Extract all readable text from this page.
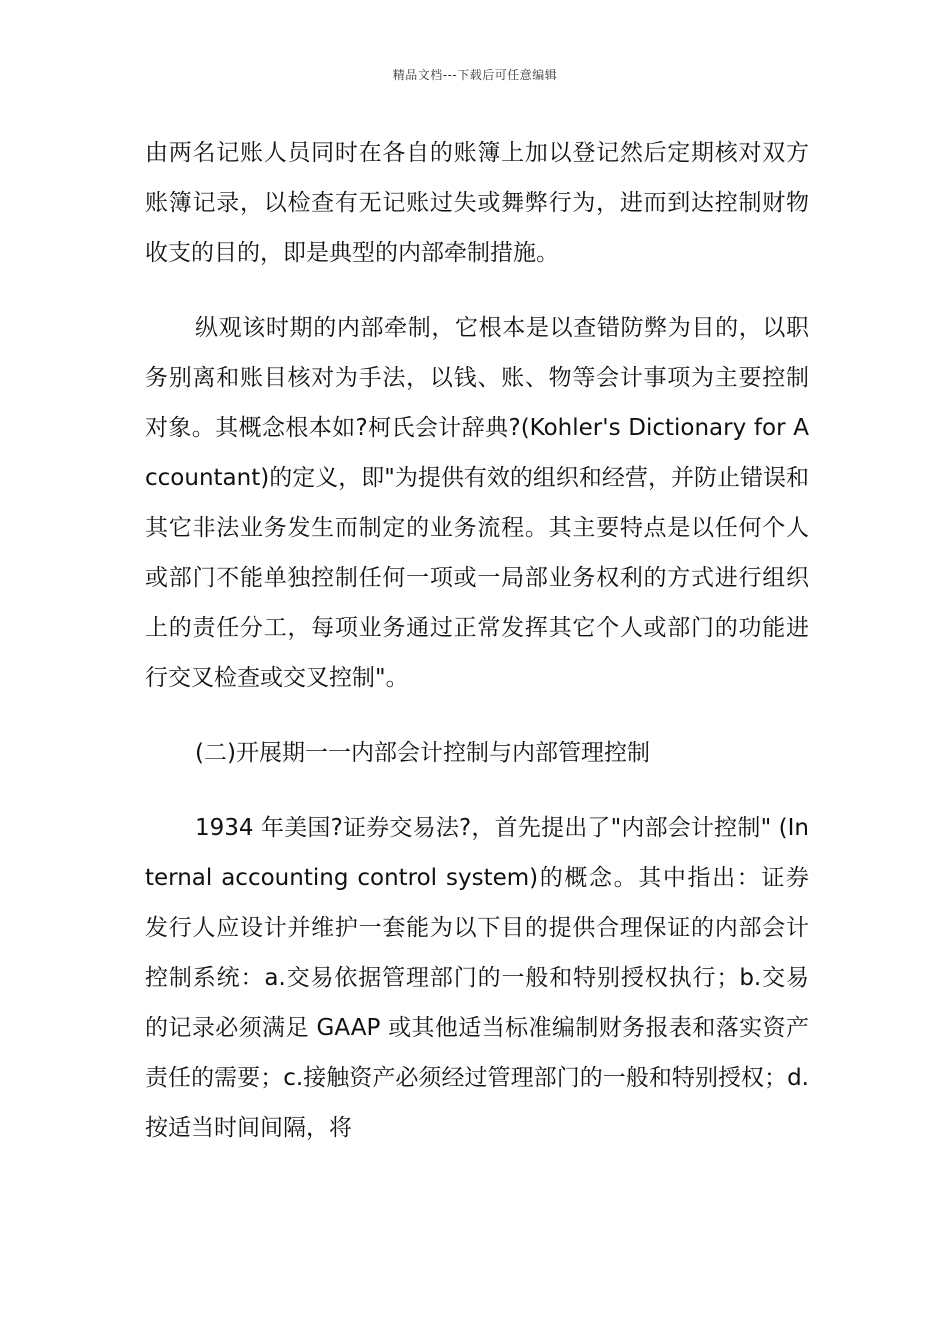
精品文档---下载后可任意编辑

由两名记账人员同时在各自的账簿上加以登记然后定期核对双方账簿记录，以检查有无记账过失或舞弊行为，进而到达控制财物收支的目的，即是典型的内部牵制措施。

纵观该时期的内部牵制，它根本是以查错防弊为目的，以职务别离和账目核对为手法，以钱、账、物等会计事项为主要控制对象。其概念根本如?柯氏会计辞典?(Kohler's Dictionary for Accountant)的定义，即"为提供有效的组织和经营，并防止错误和其它非法业务发生而制定的业务流程。其主要特点是以任何个人或部门不能单独控制任何一项或一局部业务权利的方式进行组织上的责任分工，每项业务通过正常发挥其它个人或部门的功能进行交叉检查或交叉控制"。

(二)开展期一一内部会计控制与内部管理控制

1934 年美国?证券交易法?，首先提出了"内部会计控制" (Internal accounting control system)的概念。其中指出：证券发行人应设计并维护一套能为以下目的提供合理保证的内部会计控制系统：a.交易依据管理部门的一般和特别授权执行；b.交易的记录必须满足 GAAP 或其他适当标准编制财务报表和落实资产责任的需要；c.接触资产必须经过管理部门的一般和特别授权；d.按适当时间间隔，将
